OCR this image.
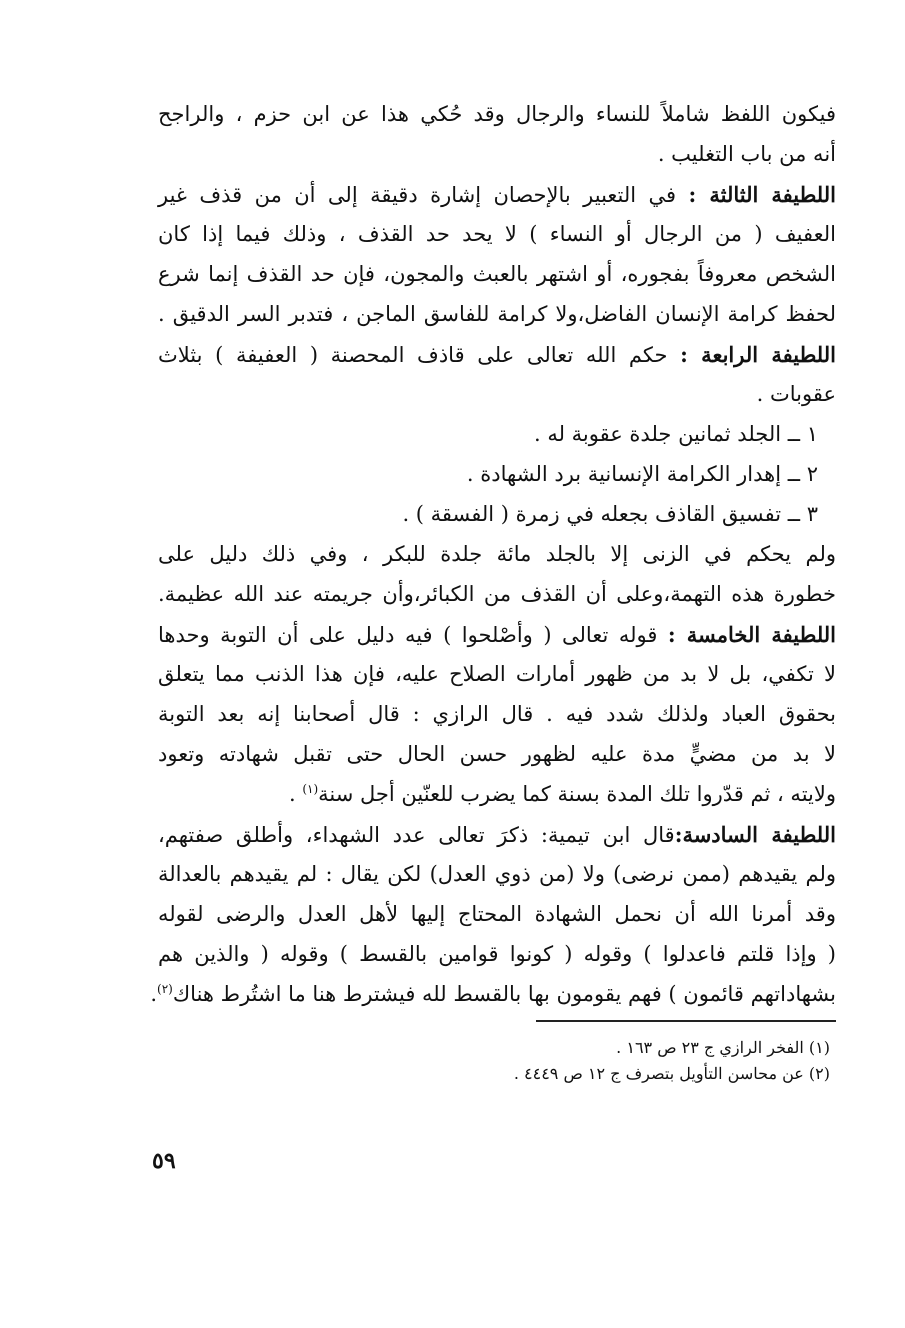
فيكون اللفظ شاملاً للنساء والرجال وقد حُكي هذا عن ابن حزم ، والراجح
أنه من باب التغليب .
اللطيفة الثالثة : في التعبير بالإحصان إشارة دقيقة إلى أن من قذف غير
العفيف ( من الرجال أو النساء ) لا يحد حد القذف ، وذلك فيما إذا كان
الشخص معروفاً بفجوره، أو اشتهر بالعبث والمجون، فإن حد القذف إنما شرع
لحفظ كرامة الإنسان الفاضل،ولا كرامة للفاسق الماجن ، فتدبر السر الدقيق .
اللطيفة الرابعة : حكم الله تعالى على قاذف المحصنة ( العفيفة ) بثلاث
عقوبات .
١ ــ الجلد ثمانين جلدة عقوبة له .
٢ ــ إهدار الكرامة الإنسانية برد الشهادة .
٣ ــ تفسيق القاذف بجعله في زمرة ( الفسقة ) .
ولم يحكم في الزنى إلا بالجلد مائة جلدة للبكر ، وفي ذلك دليل على
خطورة هذه التهمة،وعلى أن القذف من الكبائر،وأن جريمته عند الله عظيمة.
اللطيفة الخامسة : قوله تعالى ( وأصْلحوا ) فيه دليل على أن التوبة وحدها
لا تكفي، بل لا بد من ظهور أمارات الصلاح عليه، فإن هذا الذنب مما يتعلق
بحقوق العباد ولذلك شدد فيه . قال الرازي : قال أصحابنا إنه بعد التوبة
لا بد من مضيٍّ مدة عليه لظهور حسن الحال حتى تقبل شهادته وتعود
ولايته ، ثم قدّروا تلك المدة بسنة كما يضرب للعنّين أجل سنة$^{(١)}$ .
اللطيفة السادسة:قال ابن تيمية: ذكرَ تعالى عدد الشهداء، وأطلق صفتهم،
ولم يقيدهم (ممن نرضى) ولا (من ذوي العدل) لكن يقال : لم يقيدهم بالعدالة
وقد أمرنا الله أن نحمل الشهادة المحتاج إليها لأهل العدل والرضى لقوله
( وإذا قلتم فاعدلوا ) وقوله ( كونوا قوامين بالقسط ) وقوله ( والذين هم
بشهاداتهم قائمون ) فهم يقومون بها بالقسط لله فيشترط هنا ما اشتُرط هناك$^{(٢)}$.
(١) الفخر الرازي ج ٢٣ ص ١٦٣ .
(٢) عن محاسن التأويل بتصرف ج ١٢ ص ٤٤٤٩ .
٥٩
